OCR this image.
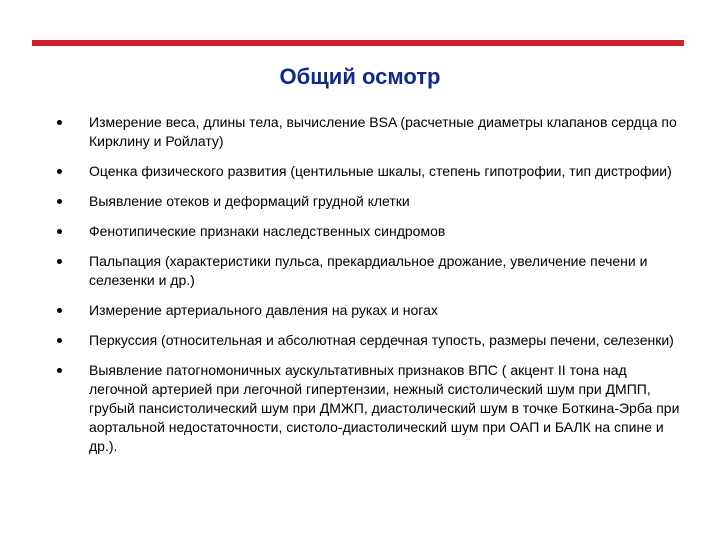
Общий осмотр
Измерение веса, длины тела, вычисление BSA (расчетные диаметры клапанов сердца по Кирклину и Ройлату)
Оценка физического развития (центильные шкалы, степень гипотрофии, тип дистрофии)
Выявление отеков и деформаций грудной клетки
Фенотипические признаки наследственных синдромов
Пальпация (характеристики пульса, прекардиальное дрожание, увеличение печени и селезенки и др.)
Измерение артериального давления на руках и ногах
Перкуссия (относительная и абсолютная сердечная тупость, размеры печени, селезенки)
Выявление патогномоничных аускультативных признаков ВПС ( акцент II тона над легочной артерией при легочной гипертензии, нежный систолический шум при ДМПП, грубый пансистолический шум при ДМЖП, диастолический шум в точке Боткина-Эрба при аортальной недостаточности, систоло-диастолический шум при ОАП и БАЛК на спине и др.).
